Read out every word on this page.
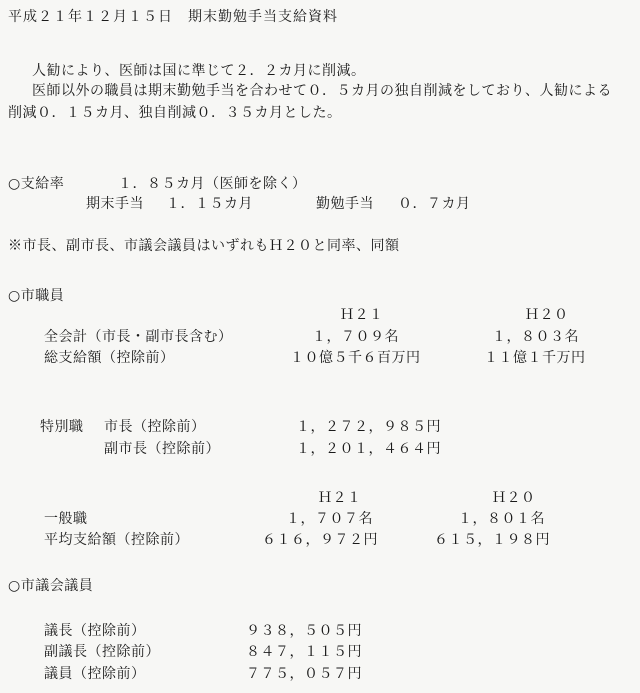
平成２１年１２月１５日　期末勤勉手当支給資料
人勧により、医師は国に準じて２．２カ月に削減。
医師以外の職員は期末勤勉手当を合わせて０．５カ月の独自削減をしており、人勧による削減０．１５カ月、独自削減０．３５カ月とした。
○支給率	１．８５カ月（医師を除く）
期末手当 １．１５カ月	勤勉手当 ０．７カ月
※市長、副市長、市議会議員はいずれもＨ２０と同率、同額
○市職員
Ｈ２１	Ｈ２０
全会計（市長・副市長含む）	１，７０９名	１，８０３名
総支給額（控除前）	１０億５千６百万円	１１億１千万円
特別職 市長（控除前）	１，２７２，９８５円
副市長（控除前）	１，２０１，４６４円
Ｈ２１	Ｈ２０
一般職	１，７０７名	１，８０１名
平均支給額（控除前）	６１６，９７２円	６１５，１９８円
○市議会議員
議長（控除前）	９３８，５０５円
副議長（控除前）	８４７，１１５円
議員（控除前）	７７５，０５７円
